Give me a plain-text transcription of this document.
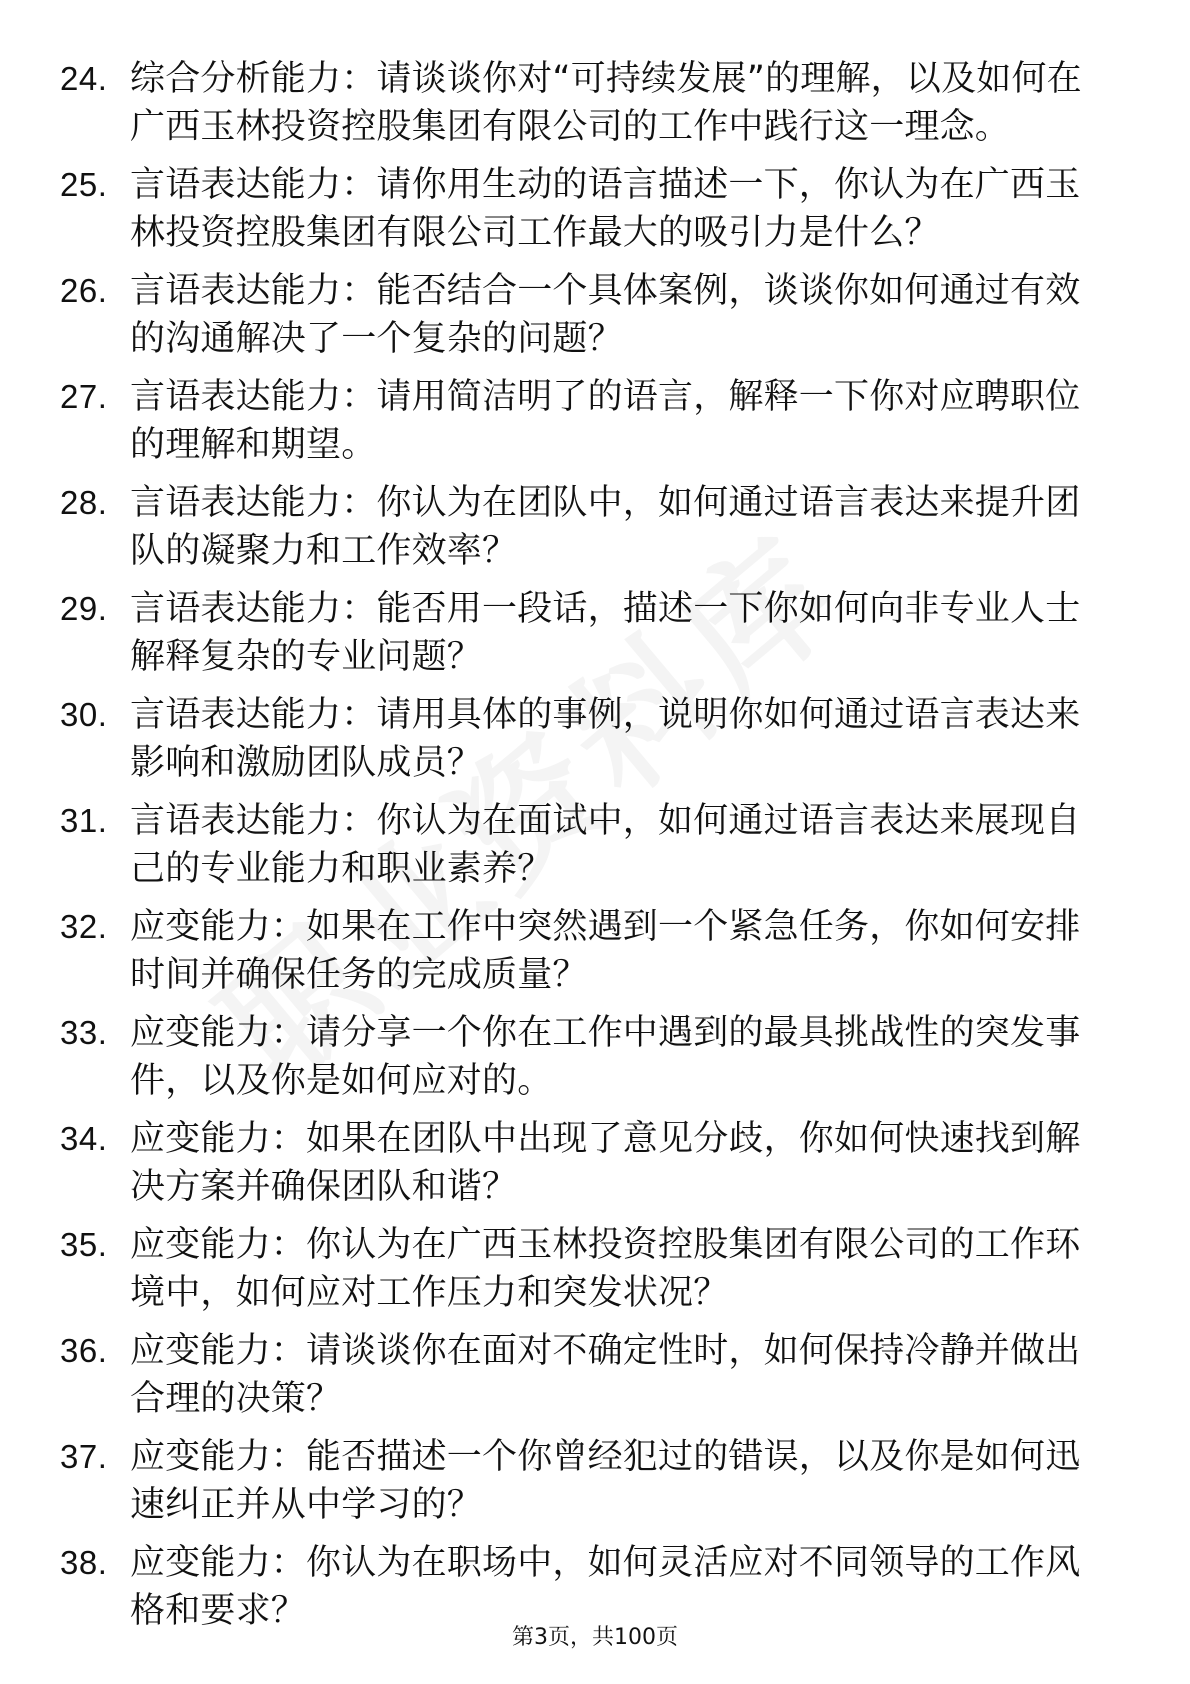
24. 综合分析能力：请谈谈你对“可持续发展”的理解，以及如何在广西玉林投资控股集团有限公司的工作中践行这一理念。
25. 言语表达能力：请你用生动的语言描述一下，你认为在广西玉林投资控股集团有限公司工作最大的吸引力是什么？
26. 言语表达能力：能否结合一个具体案例，谈谈你如何通过有效的沟通解决了一个复杂的问题？
27. 言语表达能力：请用简洁明了的语言，解释一下你对应聘职位的理解和期望。
28. 言语表达能力：你认为在团队中，如何通过语言表达来提升团队的凝聚力和工作效率？
29. 言语表达能力：能否用一段话，描述一下你如何向非专业人士解释复杂的专业问题？
30. 言语表达能力：请用具体的事例，说明你如何通过语言表达来影响和激励团队成员？
31. 言语表达能力：你认为在面试中，如何通过语言表达来展现自己的专业能力和职业素养？
32. 应变能力：如果在工作中突然遇到一个紧急任务，你如何安排时间并确保任务的完成质量？
33. 应变能力：请分享一个你在工作中遇到的最具挑战性的突发事件，以及你是如何应对的。
34. 应变能力：如果在团队中出现了意见分歧，你如何快速找到解决方案并确保团队和谐？
35. 应变能力：你认为在广西玉林投资控股集团有限公司的工作环境中，如何应对工作压力和突发状况？
36. 应变能力：请谈谈你在面对不确定性时，如何保持冷静并做出合理的决策？
37. 应变能力：能否描述一个你曾经犯过的错误，以及你是如何迅速纠正并从中学习的？
38. 应变能力：你认为在职场中，如何灵活应对不同领导的工作风格和要求？
第3页，共100页
